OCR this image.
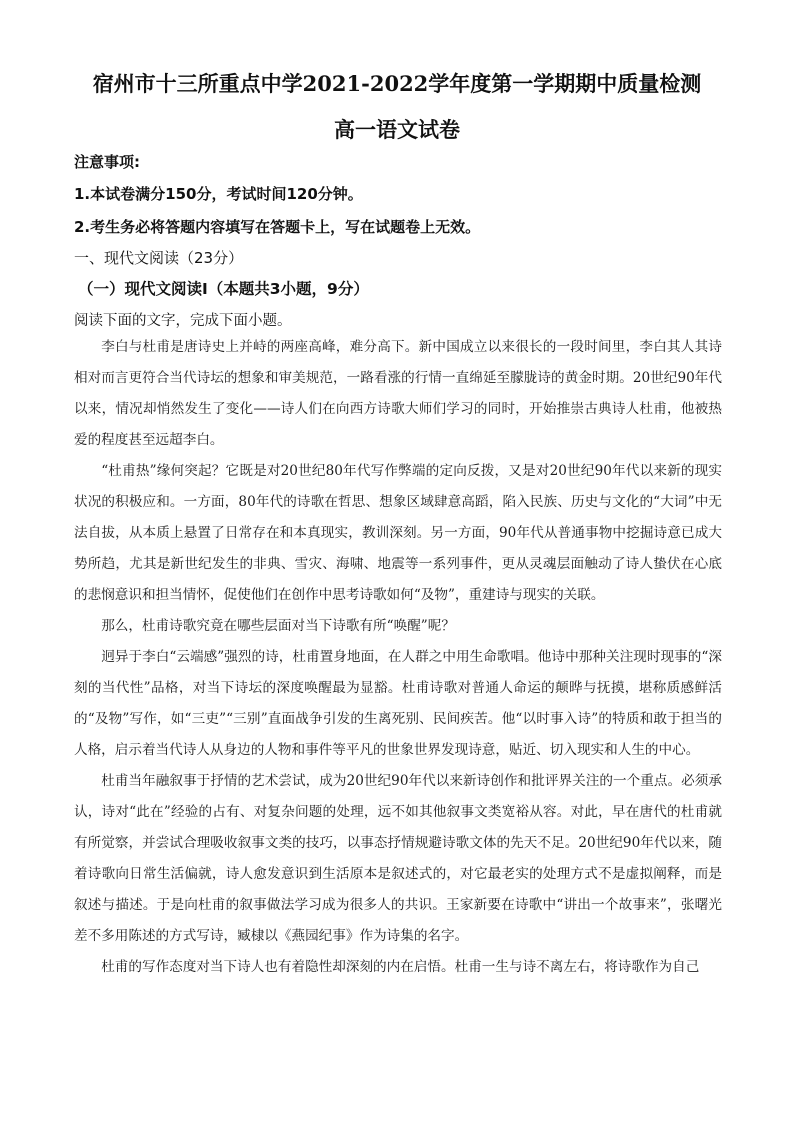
宿州市十三所重点中学2021-2022学年度第一学期期中质量检测
高一语文试卷
注意事项:
1.本试卷满分150分，考试时间120分钟。
2.考生务必将答题内容填写在答题卡上，写在试题卷上无效。
一、现代文阅读（23分）
（一）现代文阅读Ⅰ（本题共3小题，9分）
阅读下面的文字，完成下面小题。

李白与杜甫是唐诗史上并峙的两座高峰，难分高下。新中国成立以来很长的一段时间里，李白其人其诗相对而言更符合当代诗坛的想象和审美规范，一路看涨的行情一直绵延至朦胧诗的黄金时期。20世纪90年代以来，情况却悄然发生了变化——诗人们在向西方诗歌大师们学习的同时，开始推崇古典诗人杜甫，他被热爱的程度甚至远超李白。

“杜甫热”缘何突起？它既是对20世纪80年代写作弊端的定向反拨，又是对20世纪90年代以来新的现实状况的积极应和。一方面，80年代的诗歌在哲思、想象区域肆意高蹈，陷入民族、历史与文化的“大词”中无法自拔，从本质上悬置了日常存在和本真现实，教训深刻。另一方面，90年代从普通事物中挖掘诗意已成大势所趋，尤其是新世纪发生的非典、雪灾、海啸、地震等一系列事件，更从灵魂层面触动了诗人蛰伏在心底的悲悯意识和担当情怀，促使他们在创作中思考诗歌如何“及物”，重建诗与现实的关联。

那么，杜甫诗歌究竟在哪些层面对当下诗歌有所“唤醒”呢？

迥异于李白“云端感”强烈的诗，杜甫置身地面，在人群之中用生命歌唱。他诗中那种关注现时现事的“深刻的当代性”品格，对当下诗坛的深度唤醒最为显豁。杜甫诗歌对普通人命运的颠晔与抚摸，堪称质感鲜活的“及物”写作，如“三吏”“三别”直面战争引发的生离死别、民间疾苦。他“以时事入诗”的特质和敢于担当的人格，启示着当代诗人从身边的人物和事件等平凡的世象世界发现诗意，贴近、切入现实和人生的中心。

杜甫当年融叙事于抒情的艺术尝试，成为20世纪90年代以来新诗创作和批评界关注的一个重点。必须承认，诗对“此在”经验的占有、对复杂问题的处理，远不如其他叙事文类宽裕从容。对此，早在唐代的杜甫就有所觉察，并尝试合理吸收叙事文类的技巧，以事态抒情规避诗歌文体的先天不足。20世纪90年代以来，随着诗歌向日常生活偏就，诗人愈发意识到生活原本是叙述式的，对它最老实的处理方式不是虚拟阐释，而是叙述与描述。于是向杜甫的叙事做法学习成为很多人的共识。王家新要在诗歌中“讲出一个故事来”，张曙光差不多用陈述的方式写诗，臧棣以《燕园纪事》作为诗集的名字。

杜甫的写作态度对当下诗人也有着隐性却深刻的内在启悟。杜甫一生与诗不离左右，将诗歌作为自己
